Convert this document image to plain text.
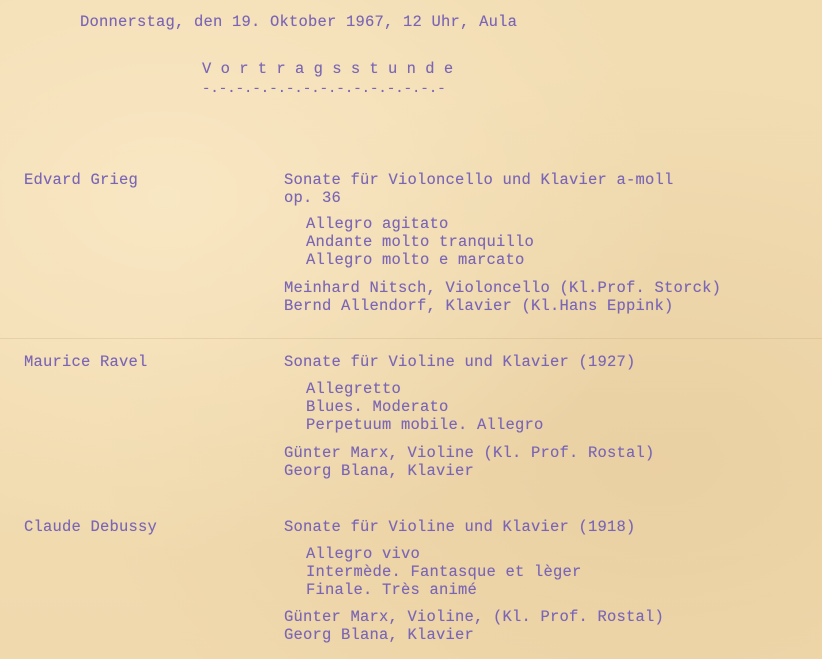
Donnerstag, den 19. Oktober 1967, 12 Uhr, Aula
V o r t r a g s s t u n d e
-.-.-.-.-.-.-.-.-.-.-.-.-.-.-
Edvard Grieg	Sonate für Violoncello und Klavier a-moll
op. 36
Allegro agitato
Andante molto tranquillo
Allegro molto e marcato
Meinhard Nitsch, Violoncello (Kl.Prof. Storck)
Bernd Allendorf, Klavier (Kl.Hans Eppink)
Maurice Ravel	Sonate für Violine und Klavier (1927)
Allegretto
Blues. Moderato
Perpetuum mobile. Allegro
Günter Marx, Violine (Kl. Prof. Rostal)
Georg Blana, Klavier
Claude Debussy	Sonate für Violine und Klavier (1918)
Allegro vivo
Intermède. Fantasque et lèger
Finale. Très animé
Günter Marx, Violine, (Kl. Prof. Rostal)
Georg Blana, Klavier
